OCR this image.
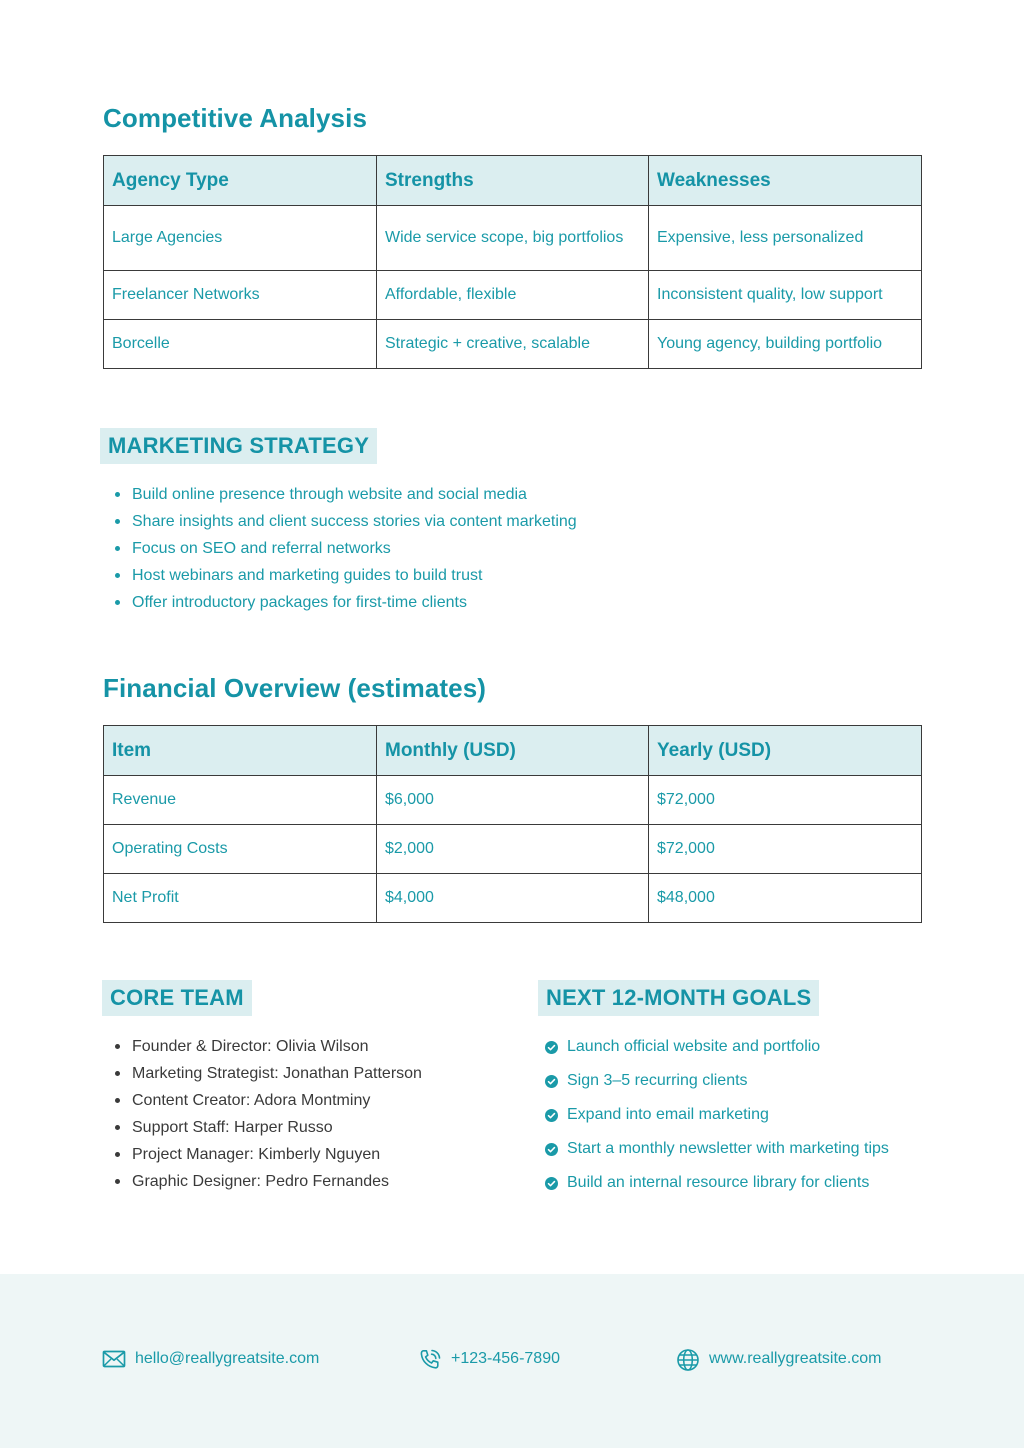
Competitive Analysis
Agency Type	Strengths	Weaknesses
Large Agencies	Wide service scope, big portfolios	Expensive, less personalized
Freelancer Networks	Affordable, flexible	Inconsistent quality, low support
Borcelle	Strategic + creative, scalable	Young agency, building portfolio
MARKETING STRATEGY
Build online presence through website and social media
Share insights and client success stories via content marketing
Focus on SEO and referral networks
Host webinars and marketing guides to build trust
Offer introductory packages for first-time clients
Financial Overview (estimates)
Item	Monthly (USD)	Yearly (USD)
Revenue	$6,000	$72,000
Operating Costs	$2,000	$72,000
Net Profit	$4,000	$48,000
CORE TEAM
Founder & Director: Olivia Wilson
Marketing Strategist: Jonathan Patterson
Content Creator: Adora Montminy
Support Staff: Harper Russo
Project Manager: Kimberly Nguyen
Graphic Designer: Pedro Fernandes
NEXT 12-MONTH GOALS
Launch official website and portfolio
Sign 3–5 recurring clients
Expand into email marketing
Start a monthly newsletter with marketing tips
Build an internal resource library for clients
hello@reallygreatsite.com	+123-456-7890	www.reallygreatsite.com
